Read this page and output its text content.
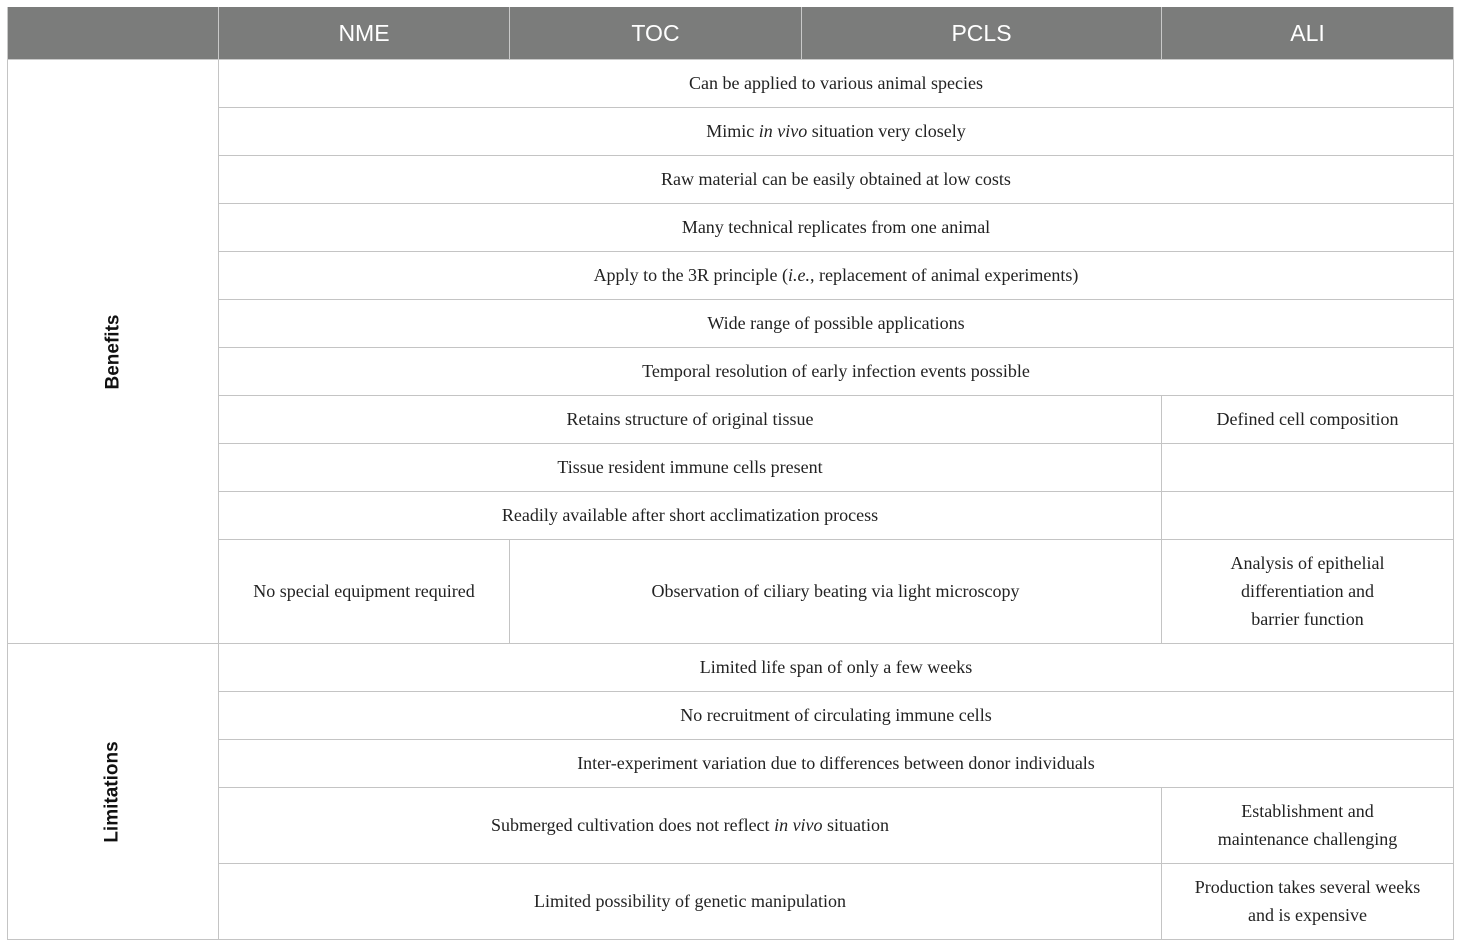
	NME	TOC	PCLS	ALI
Benefits	Can be applied to various animal species			
	Mimic in vivo situation very closely			
	Raw material can be easily obtained at low costs			
	Many technical replicates from one animal			
	Apply to the 3R principle (i.e., replacement of animal experiments)			
	Wide range of possible applications			
	Temporal resolution of early infection events possible			
	Retains structure of original tissue			Defined cell composition
	Tissue resident immune cells present			
	Readily available after short acclimatization process			
	No special equipment required	Observation of ciliary beating via light microscopy		Analysis of epithelial
differentiation and
barrier function
Limitations	Limited life span of only a few weeks			
	No recruitment of circulating immune cells			
	Inter-experiment variation due to differences between donor individuals			
	Submerged cultivation does not reflect in vivo situation			Establishment and
maintenance challenging
	Limited possibility of genetic manipulation			Production takes several weeks
and is expensive
